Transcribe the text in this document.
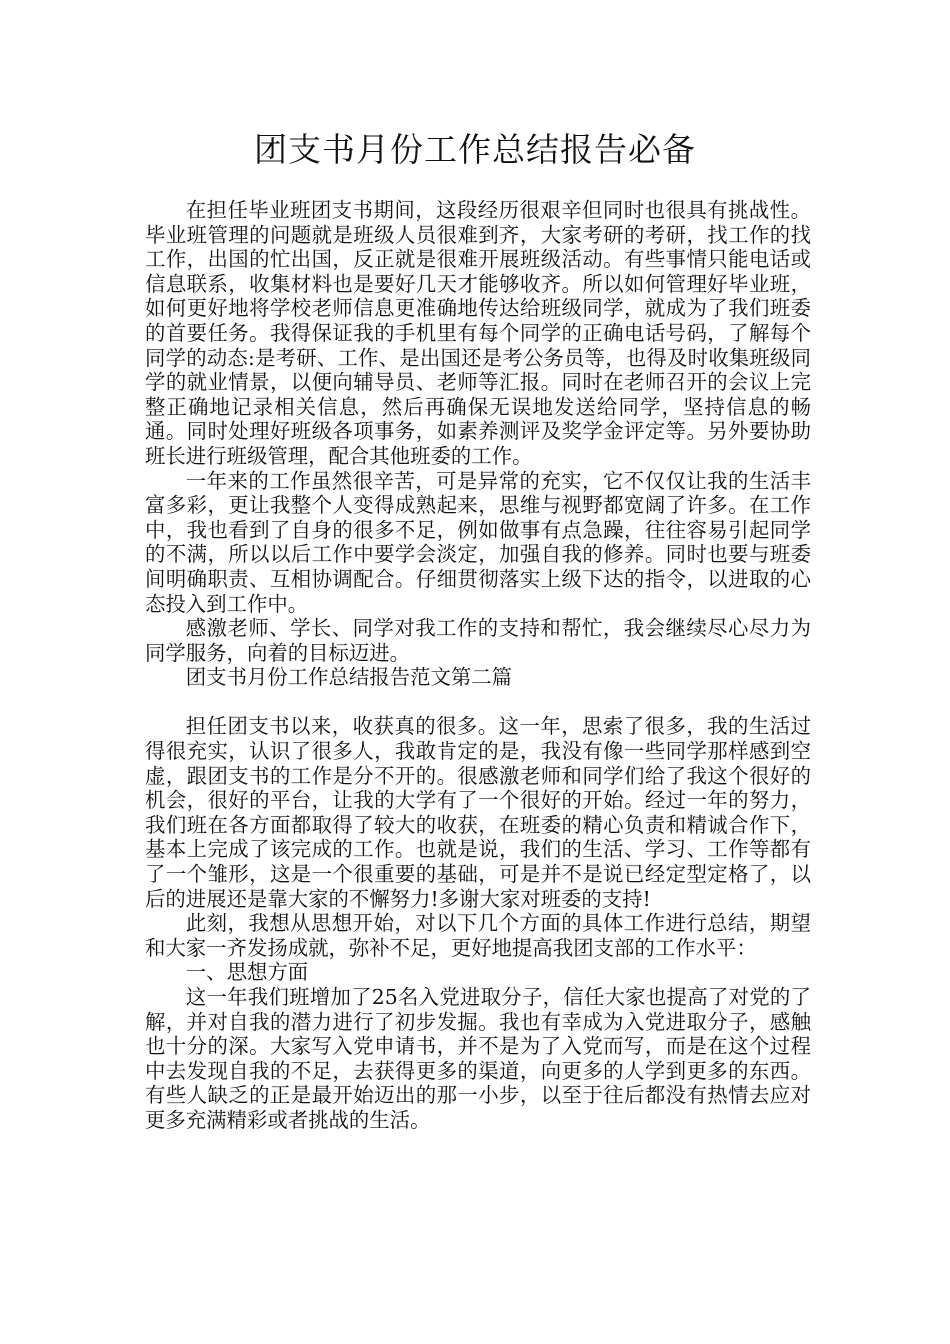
团支书月份工作总结报告必备

在担任毕业班团支书期间，这段经历很艰辛但同时也很具有挑战性。毕业班管理的问题就是班级人员很难到齐，大家考研的考研，找工作的找工作，出国的忙出国，反正就是很难开展班级活动。有些事情只能电话或信息联系，收集材料也是要好几天才能够收齐。所以如何管理好毕业班，如何更好地将学校老师信息更准确地传达给班级同学，就成为了我们班委的首要任务。我得保证我的手机里有每个同学的正确电话号码，了解每个同学的动态:是考研、工作、是出国还是考公务员等，也得及时收集班级同学的就业情景，以便向辅导员、老师等汇报。同时在老师召开的会议上完整正确地记录相关信息，然后再确保无误地发送给同学，坚持信息的畅通。同时处理好班级各项事务，如素养测评及奖学金评定等。另外要协助班长进行班级管理，配合其他班委的工作。

一年来的工作虽然很辛苦，可是异常的充实，它不仅仅让我的生活丰富多彩，更让我整个人变得成熟起来，思维与视野都宽阔了许多。在工作中，我也看到了自身的很多不足，例如做事有点急躁，往往容易引起同学的不满，所以以后工作中要学会淡定，加强自我的修养。同时也要与班委间明确职责、互相协调配合。仔细贯彻落实上级下达的指令，以进取的心态投入到工作中。

感激老师、学长、同学对我工作的支持和帮忙，我会继续尽心尽力为同学服务，向着的目标迈进。

团支书月份工作总结报告范文第二篇

担任团支书以来，收获真的很多。这一年，思索了很多，我的生活过得很充实，认识了很多人，我敢肯定的是，我没有像一些同学那样感到空虚，跟团支书的工作是分不开的。很感激老师和同学们给了我这个很好的机会，很好的平台，让我的大学有了一个很好的开始。经过一年的努力，我们班在各方面都取得了较大的收获，在班委的精心负责和精诚合作下，基本上完成了该完成的工作。也就是说，我们的生活、学习、工作等都有了一个雏形，这是一个很重要的基础，可是并不是说已经定型定格了，以后的进展还是靠大家的不懈努力!多谢大家对班委的支持!

此刻，我想从思想开始，对以下几个方面的具体工作进行总结，期望和大家一齐发扬成就，弥补不足，更好地提高我团支部的工作水平：

一、思想方面

这一年我们班增加了25名入党进取分子，信任大家也提高了对党的了解，并对自我的潜力进行了初步发掘。我也有幸成为入党进取分子，感触也十分的深。大家写入党申请书，并不是为了入党而写，而是在这个过程中去发现自我的不足，去获得更多的渠道，向更多的人学到更多的东西。有些人缺乏的正是最开始迈出的那一小步，以至于往后都没有热情去应对更多充满精彩或者挑战的生活。
